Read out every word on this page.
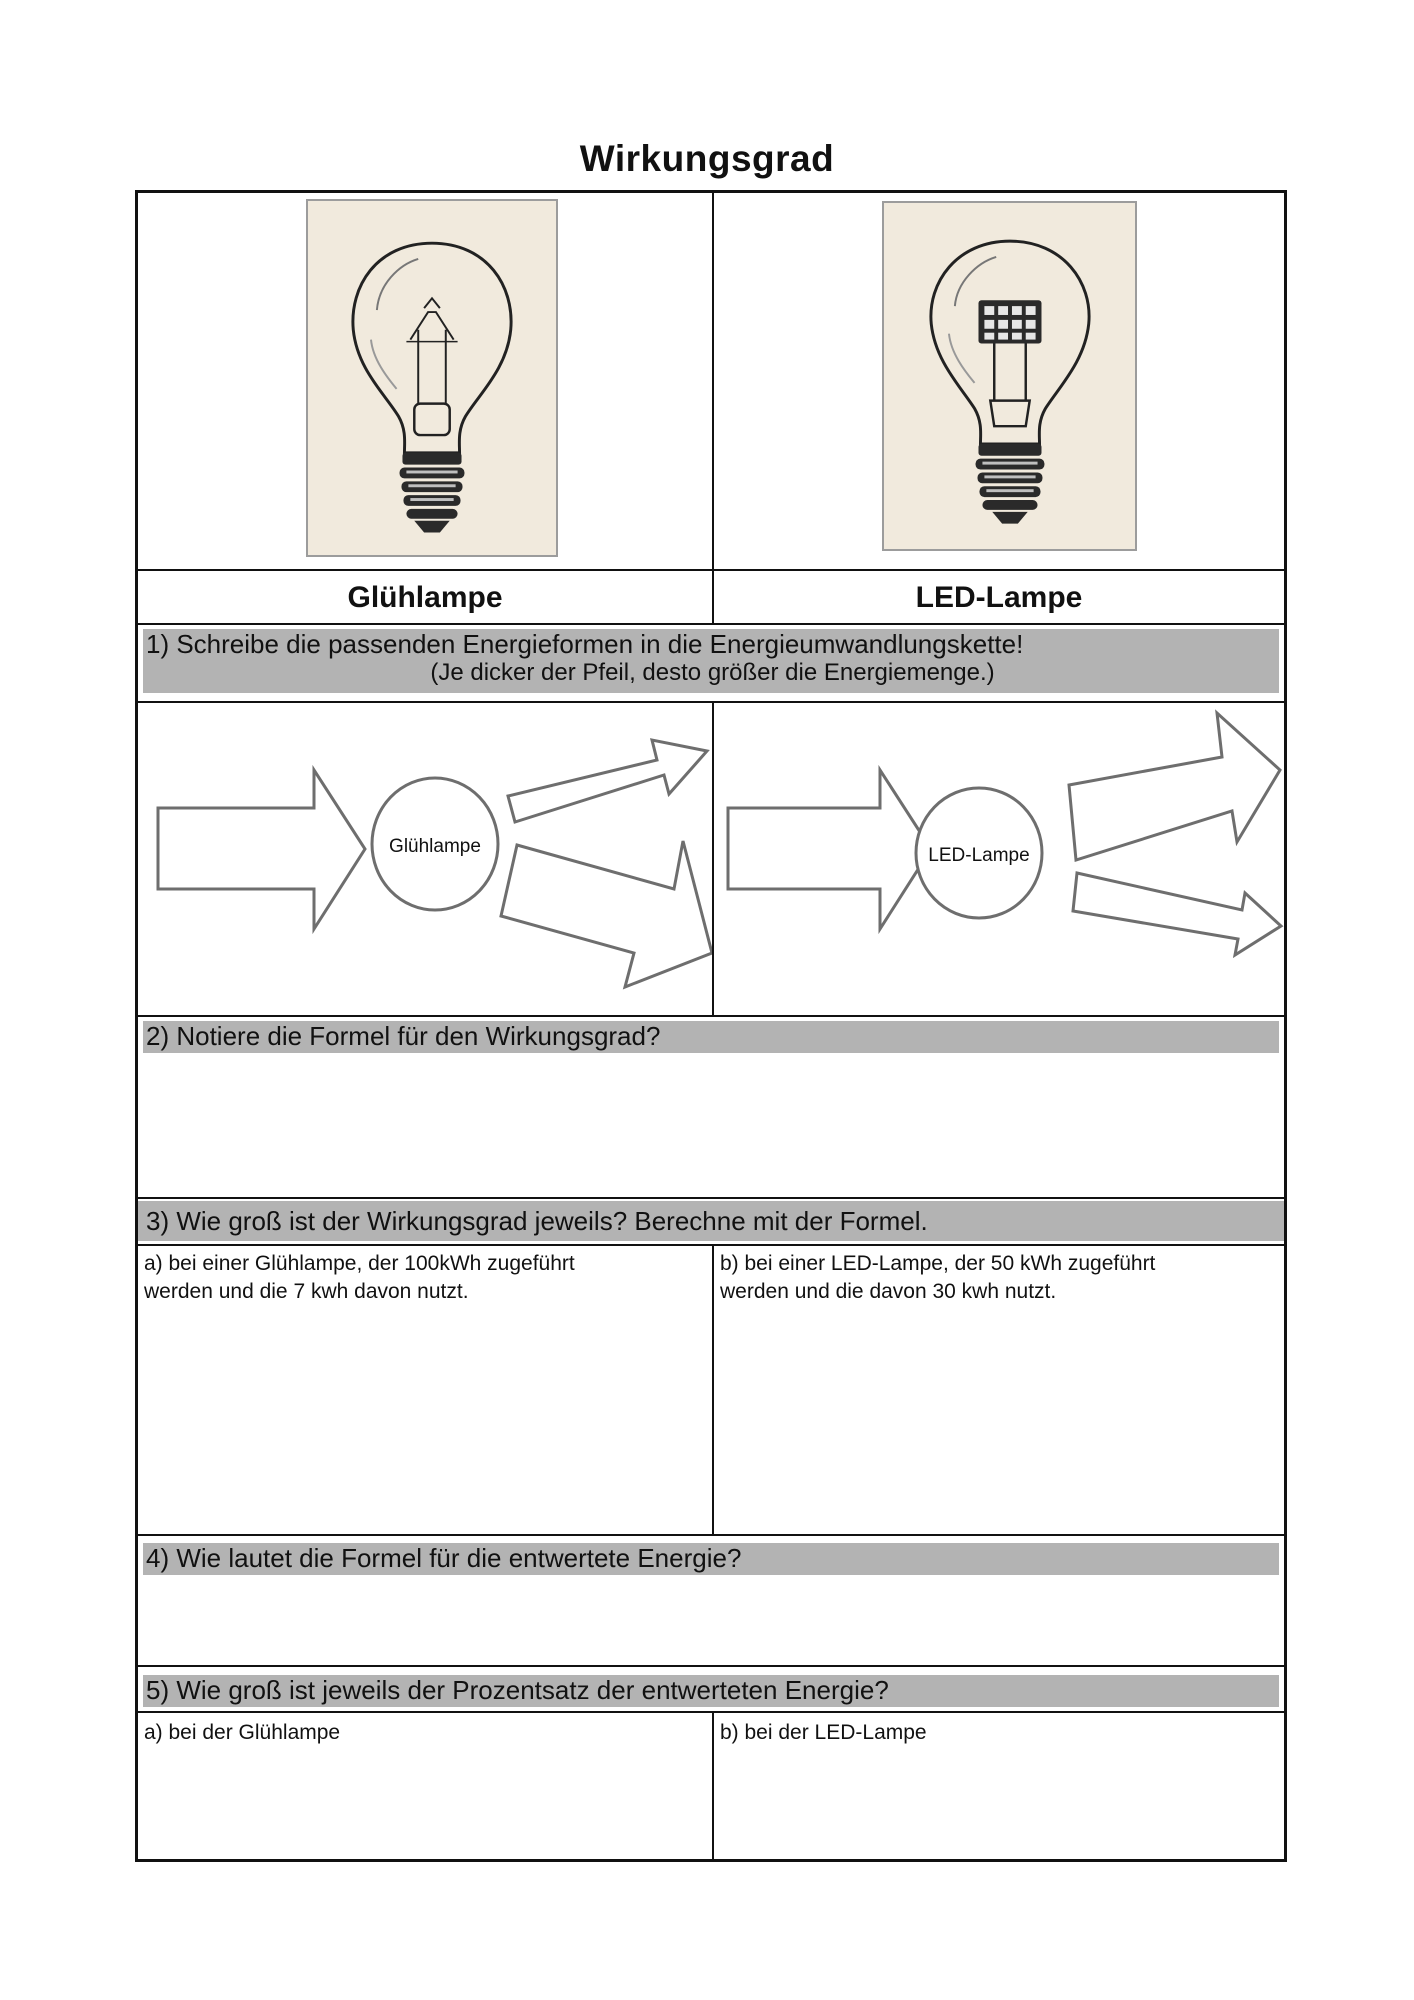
Wirkungsgrad
Glühlampe	LED-Lampe
1) Schreibe die passenden Energieformen in die Energieumwandlungskette!
(Je dicker der Pfeil, desto größer die Energiemenge.)
Glühlampe	LED-Lampe
2) Notiere die Formel für den Wirkungsgrad?
3) Wie groß ist der Wirkungsgrad jeweils? Berechne mit der Formel.
a) bei einer Glühlampe, der 100kWh zugeführt
werden und die 7 kwh davon nutzt.
b) bei einer LED-Lampe, der 50 kWh zugeführt
werden und die davon 30 kwh nutzt.
4) Wie lautet die Formel für die entwertete Energie?
5) Wie groß ist jeweils der Prozentsatz der entwerteten Energie?
a) bei der Glühlampe	b) bei der LED-Lampe
